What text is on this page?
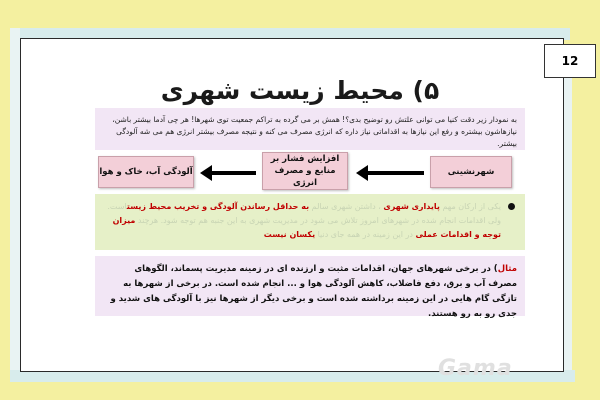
12
۵) محیط زیست شهری
به نمودار زیر دقت کنیا می توانی علتش رو توضیح بدی؟! همش بر می گرده به تراکم جمعیت توی شهرها! هر چی آدما بیشتر باشن، نیازهاشون بیشتره و رفع این نیازها به اقداماتی نیاز داره که انرژی مصرف می کنه و نتیجه مصرف بیشتر انرژی هم می شه آلودگی بیشتر.
شهرنشینی
افزایش فشار بر منابع و مصرف انرژی
آلودگی آب، خاک و هوا
یکی از ارکان مهم پایداری شهری ، داشتن شهری سالم به حداقل رساندن آلودگی و تخریب محیط زیستاست. ولی اقدامات انجام شده در شهرهای امروز تلاش می شود در مدیریت شهری به این جنبه هم توجه شود. هرچند میزان توجه و اقدامات عملی در این زمینه در همه جای دنیا یکسان نیست
مثال) در برخی شهرهای جهان، اقدامات مثبت و ارزنده ای در زمینه مدیریت پسماند، الگوهای مصرف آب و برق، دفع فاضلاب، کاهش آلودگی هوا و ... انجام شده است. در برخی از شهرها به تازگی گام هایی در این زمینه برداشته شده است و برخی دیگر از شهرها نیز با آلودگی های شدید و جدی رو به رو هستند.
Gama
